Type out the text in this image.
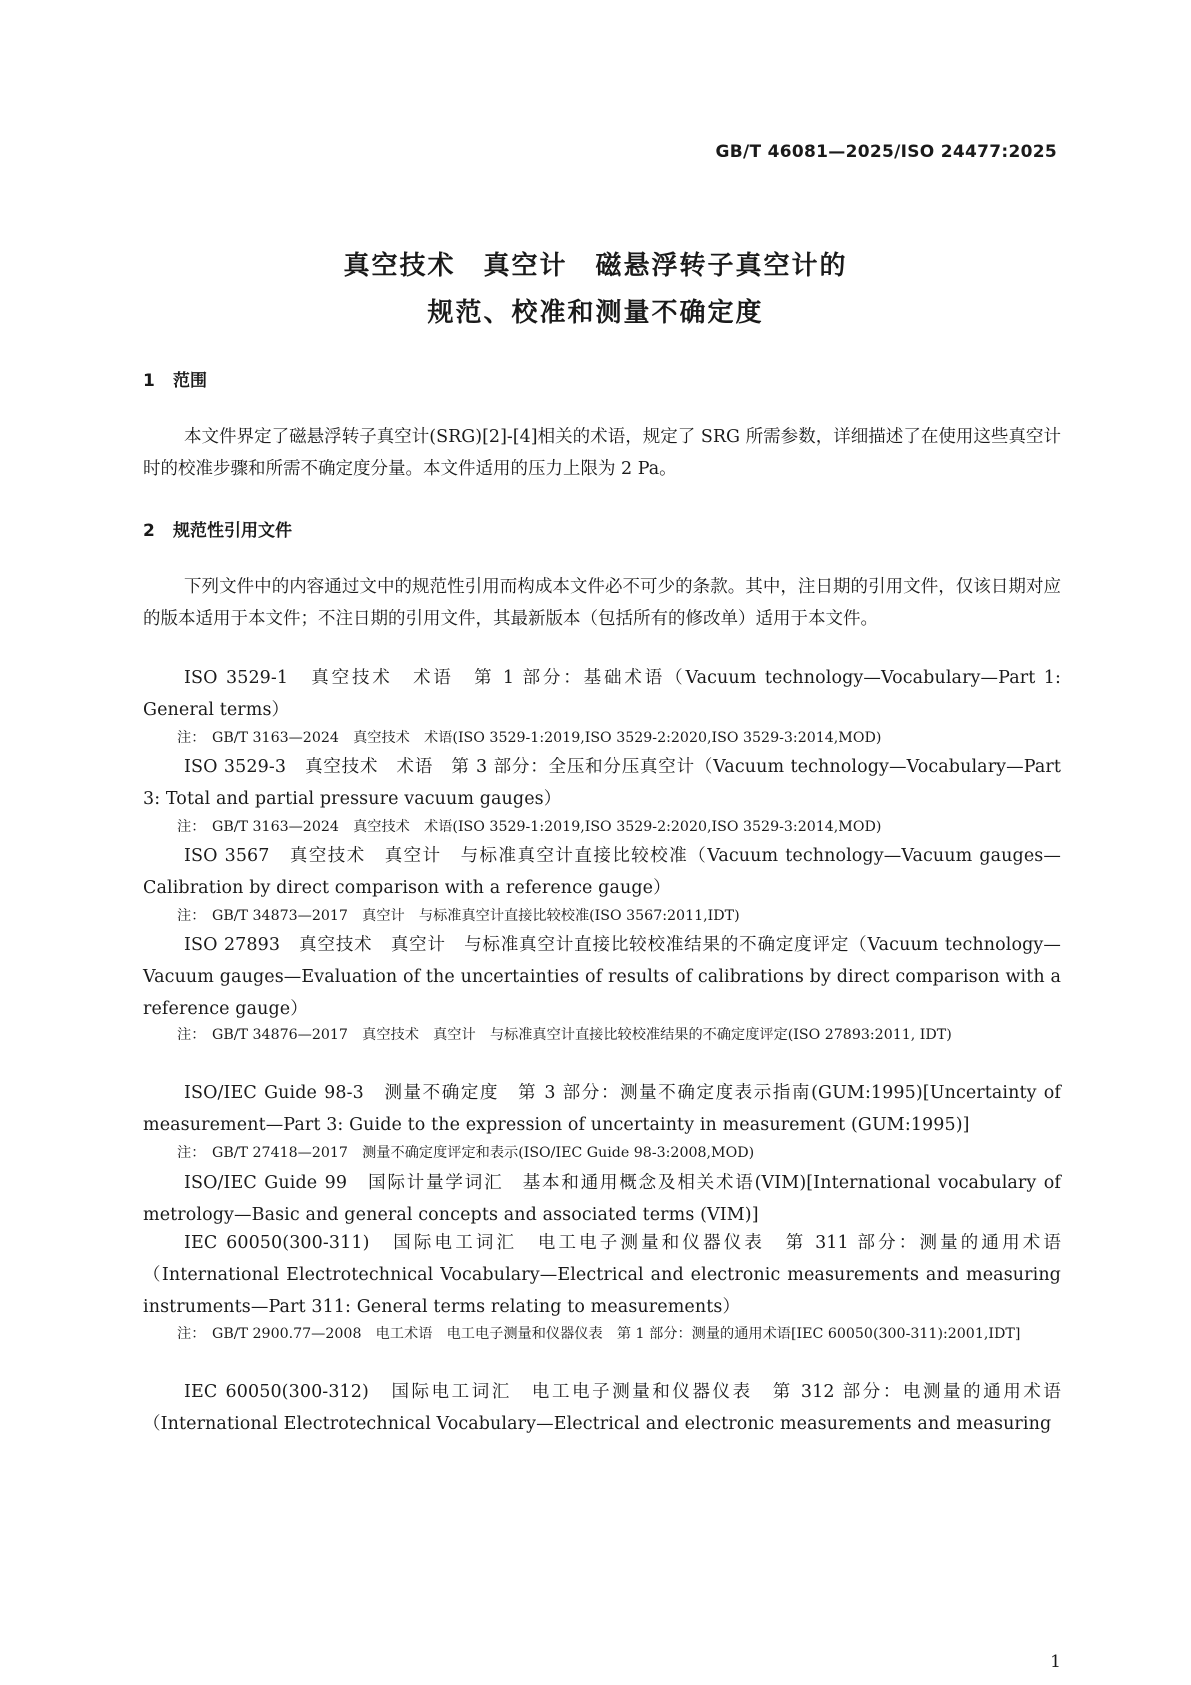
GB/T 46081—2025/ISO 24477:2025
真空技术　真空计　磁悬浮转子真空计的
规范、校准和测量不确定度
1 范围

本文件界定了磁悬浮转子真空计(SRG)[2]-[4]相关的术语，规定了 SRG 所需参数，详细描述了在使用这些真空计时的校准步骤和所需不确定度分量。本文件适用的压力上限为 2 Pa。

2 规范性引用文件

下列文件中的内容通过文中的规范性引用而构成本文件必不可少的条款。其中，注日期的引用文件，仅该日期对应的版本适用于本文件；不注日期的引用文件，其最新版本（包括所有的修改单）适用于本文件。

ISO 3529-1　真空技术　术语　第 1 部分：基础术语（Vacuum technology—Vocabulary—Part 1: General terms）

注： GB/T 3163—2024　真空技术　术语(ISO 3529-1:2019,ISO 3529-2:2020,ISO 3529-3:2014,MOD)

ISO 3529-3　真空技术　术语　第 3 部分：全压和分压真空计（Vacuum technology—Vocabulary—Part 3: Total and partial pressure vacuum gauges）

注： GB/T 3163—2024　真空技术　术语(ISO 3529-1:2019,ISO 3529-2:2020,ISO 3529-3:2014,MOD)

ISO 3567　真空技术　真空计　与标准真空计直接比较校准（Vacuum technology—Vacuum gauges—Calibration by direct comparison with a reference gauge）

注： GB/T 34873—2017　真空计　与标准真空计直接比较校准(ISO 3567:2011,IDT)

ISO 27893　真空技术　真空计　与标准真空计直接比较校准结果的不确定度评定（Vacuum technology—Vacuum gauges—Evaluation of the uncertainties of results of calibrations by direct comparison with a reference gauge）

注： GB/T 34876—2017　真空技术　真空计　与标准真空计直接比较校准结果的不确定度评定(ISO 27893:2011, IDT)

ISO/IEC Guide 98-3　测量不确定度　第 3 部分：测量不确定度表示指南(GUM:1995)[Uncertainty of measurement—Part 3: Guide to the expression of uncertainty in measurement (GUM:1995)]

注： GB/T 27418—2017　测量不确定度评定和表示(ISO/IEC Guide 98-3:2008,MOD)

ISO/IEC Guide 99　国际计量学词汇　基本和通用概念及相关术语(VIM)[International vocabulary of metrology—Basic and general concepts and associated terms (VIM)]

IEC 60050(300-311)　国际电工词汇　电工电子测量和仪器仪表　第 311 部分：测量的通用术语（International Electrotechnical Vocabulary—Electrical and electronic measurements and measuring instruments—Part 311: General terms relating to measurements）

注： GB/T 2900.77—2008　电工术语　电工电子测量和仪器仪表　第 1 部分：测量的通用术语[IEC 60050(300-311):2001,IDT]

IEC 60050(300-312)　国际电工词汇　电工电子测量和仪器仪表　第 312 部分：电测量的通用术语（International Electrotechnical Vocabulary—Electrical and electronic measurements and measuring

1
